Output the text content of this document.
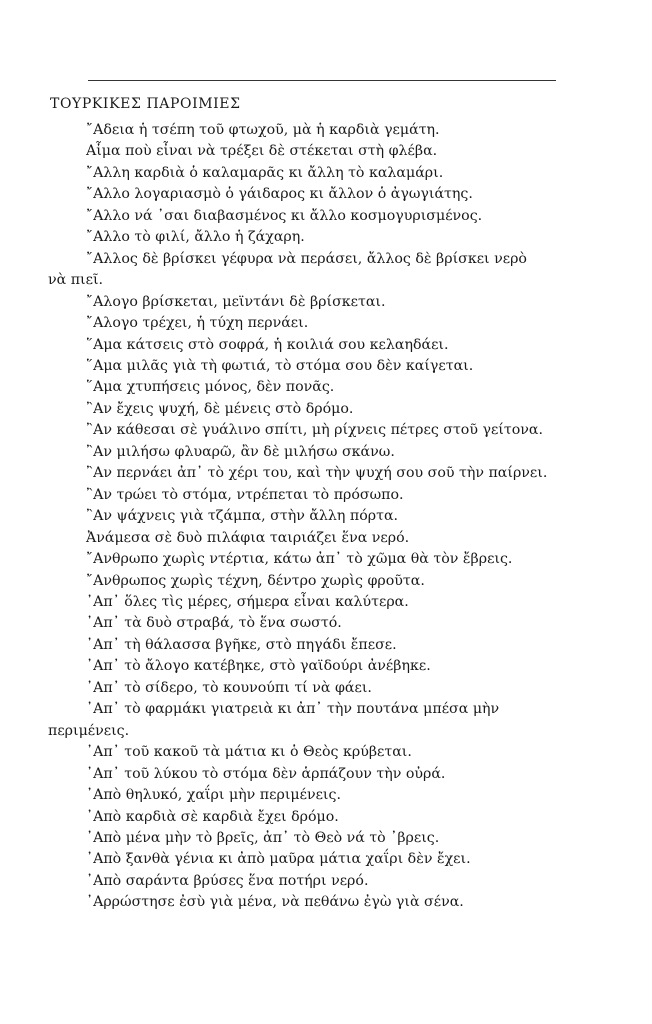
ΤΟΥΡΚΙΚΕΣ ΠΑΡΟΙΜΙΕΣ
῎Αδεια ἡ τσέπη τοῦ φτωχοῦ, μὰ ἡ καρδιὰ γεμάτη.
Αἷμα ποὺ εἶναι νὰ τρέξει δὲ στέκεται στὴ φλέβα.
῎Αλλη καρδιὰ ὁ καλαμαρᾶς κι ἄλλη τὸ καλαμάρι.
῎Αλλο λογαριασμὸ ὁ γάιδαρος κι ἄλλον ὁ ἀγωγιάτης.
῎Αλλο νά ᾿σαι διαβασμένος κι ἄλλο κοσμογυρισμένος.
῎Αλλο τὸ φιλί, ἄλλο ἡ ζάχαρη.
῎Αλλος δὲ βρίσκει γέφυρα νὰ περάσει, ἄλλος δὲ βρίσκει νερὸ
νὰ πιεῖ.
῎Αλογο βρίσκεται, μεϊντάνι δὲ βρίσκεται.
῎Αλογο τρέχει, ἡ τύχη περνάει.
῞Αμα κάτσεις στὸ σοφρά, ἡ κοιλιά σου κελαηδάει.
῞Αμα μιλᾶς γιὰ τὴ φωτιά, τὸ στόμα σου δὲν καίγεται.
῞Αμα χτυπήσεις μόνος, δὲν πονᾶς.
῍Αν ἔχεις ψυχή, δὲ μένεις στὸ δρόμο.
῍Αν κάθεσαι σὲ γυάλινο σπίτι, μὴ ρίχνεις πέτρες στοῦ γείτονα.
῍Αν μιλήσω φλυαρῶ, ἂν δὲ μιλήσω σκάνω.
῍Αν περνάει ἀπ᾿ τὸ χέρι του, καὶ τὴν ψυχή σου σοῦ τὴν παίρνει.
῍Αν τρώει τὸ στόμα, ντρέπεται τὸ πρόσωπο.
῍Αν ψάχνεις γιὰ τζάμπα, στὴν ἄλλη πόρτα.
Ἀνάμεσα σὲ δυὸ πιλάφια ταιριάζει ἕνα νερό.
῎Ανθρωπο χωρὶς ντέρτια, κάτω ἀπ᾿ τὸ χῶμα θὰ τὸν ἔβρεις.
῎Ανθρωπος χωρὶς τέχνη, δέντρο χωρὶς φροῦτα.
᾿Απ᾿ ὅλες τὶς μέρες, σήμερα εἶναι καλύτερα.
᾿Απ᾿ τὰ δυὸ στραβά, τὸ ἕνα σωστό.
᾿Απ᾿ τὴ θάλασσα βγῆκε, στὸ πηγάδι ἔπεσε.
᾿Απ᾿ τὸ ἄλογο κατέβηκε, στὸ γαϊδούρι ἀνέβηκε.
᾿Απ᾿ τὸ σίδερο, τὸ κουνούπι τί νὰ φάει.
᾿Απ᾿ τὸ φαρμάκι γιατρειὰ κι ἀπ᾿ τὴν πουτάνα μπέσα μὴν
περιμένεις.
᾿Απ᾿ τοῦ κακοῦ τὰ μάτια κι ὁ Θεὸς κρύβεται.
᾿Απ᾿ τοῦ λύκου τὸ στόμα δὲν ἁρπάζουν τὴν οὐρά.
᾿Απὸ θηλυκό, χαΐρι μὴν περιμένεις.
᾿Απὸ καρδιὰ σὲ καρδιὰ ἔχει δρόμο.
᾿Απὸ μένα μὴν τὸ βρεῖς, ἀπ᾿ τὸ Θεὸ νά τὸ ᾿βρεις.
᾿Απὸ ξανθὰ γένια κι ἀπὸ μαῦρα μάτια χαΐρι δὲν ἔχει.
᾿Απὸ σαράντα βρύσες ἕνα ποτήρι νερό.
᾿Αρρώστησε ἐσὺ γιὰ μένα, νὰ πεθάνω ἐγὼ γιὰ σένα.
